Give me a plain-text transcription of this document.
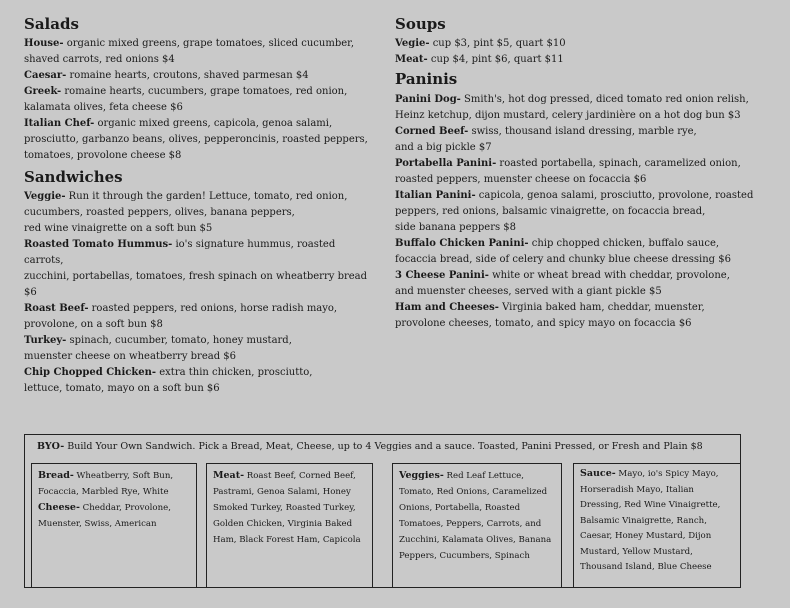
Salads

House- organic mixed greens, grape tomatoes, sliced cucumber,

shaved carrots, red onions $4

Caesar- romaine hearts, croutons, shaved parmesan $4

Greek- romaine hearts, cucumbers, grape tomatoes, red onion,

kalamata olives, feta cheese $6

Italian Chef- organic mixed greens, capicola, genoa salami,

prosciutto, garbanzo beans, olives, pepperoncinis, roasted peppers,

tomatoes, provolone cheese $8

Sandwiches

Veggie- Run it through the garden! Lettuce, tomato, red onion,

cucumbers, roasted peppers, olives, banana peppers,

red wine vinaigrette on a soft bun $5

Roasted Tomato Hummus- io's signature hummus, roasted carrots,

zucchini, portabellas, tomatoes, fresh spinach on wheatberry bread $6

Roast Beef- roasted peppers, red onions, horse radish mayo,

provolone, on a soft bun $8

Turkey- spinach, cucumber, tomato, honey mustard,

muenster cheese on wheatberry bread $6

Chip Chopped Chicken- extra thin chicken, prosciutto,

lettuce, tomato, mayo on a soft bun $6

Soups

Vegie- cup $3, pint $5, quart $10

Meat- cup $4, pint $6, quart $11

Paninis

Panini Dog- Smith's, hot dog pressed, diced tomato red onion relish,

Heinz ketchup, dijon mustard, celery jardinière on a hot dog bun $3

Corned Beef- swiss, thousand island dressing, marble rye,

and a big pickle $7

Portabella Panini- roasted portabella, spinach, caramelized onion,

roasted peppers, muenster cheese on focaccia $6

Italian Panini- capicola, genoa salami, prosciutto, provolone, roasted

peppers, red onions, balsamic vinaigrette, on focaccia bread,

side banana peppers $8

Buffalo Chicken Panini- chip chopped chicken, buffalo sauce,

focaccia bread, side of celery and chunky blue cheese dressing $6

3 Cheese Panini- white or wheat bread with cheddar, provolone,

and muenster cheeses, served with a giant pickle $5

Ham and Cheeses- Virginia baked ham, cheddar, muenster,

provolone cheeses, tomato, and spicy mayo on focaccia $6

BYO- Build Your Own Sandwich. Pick a Bread, Meat, Cheese, up to 4 Veggies and a sauce. Toasted, Panini Pressed, or Fresh and Plain $8
Bread- Wheatberry, Soft Bun,
Focaccia, Marbled Rye, White
Cheese- Cheddar, Provolone,
Muenster, Swiss, American
Meat- Roast Beef, Corned Beef,
Pastrami, Genoa Salami, Honey
Smoked Turkey, Roasted Turkey,
Golden Chicken, Virginia Baked
Ham, Black Forest Ham, Capicola
Veggies- Red Leaf Lettuce,
Tomato, Red Onions, Caramelized
Onions, Portabella, Roasted
Tomatoes, Peppers, Carrots, and
Zucchini, Kalamata Olives, Banana
Peppers, Cucumbers, Spinach
Sauce- Mayo, io's Spicy Mayo,
Horseradish Mayo, Italian
Dressing, Red Wine Vinaigrette,
Balsamic Vinaigrette, Ranch,
Caesar, Honey Mustard, Dijon
Mustard, Yellow Mustard,
Thousand Island, Blue Cheese
